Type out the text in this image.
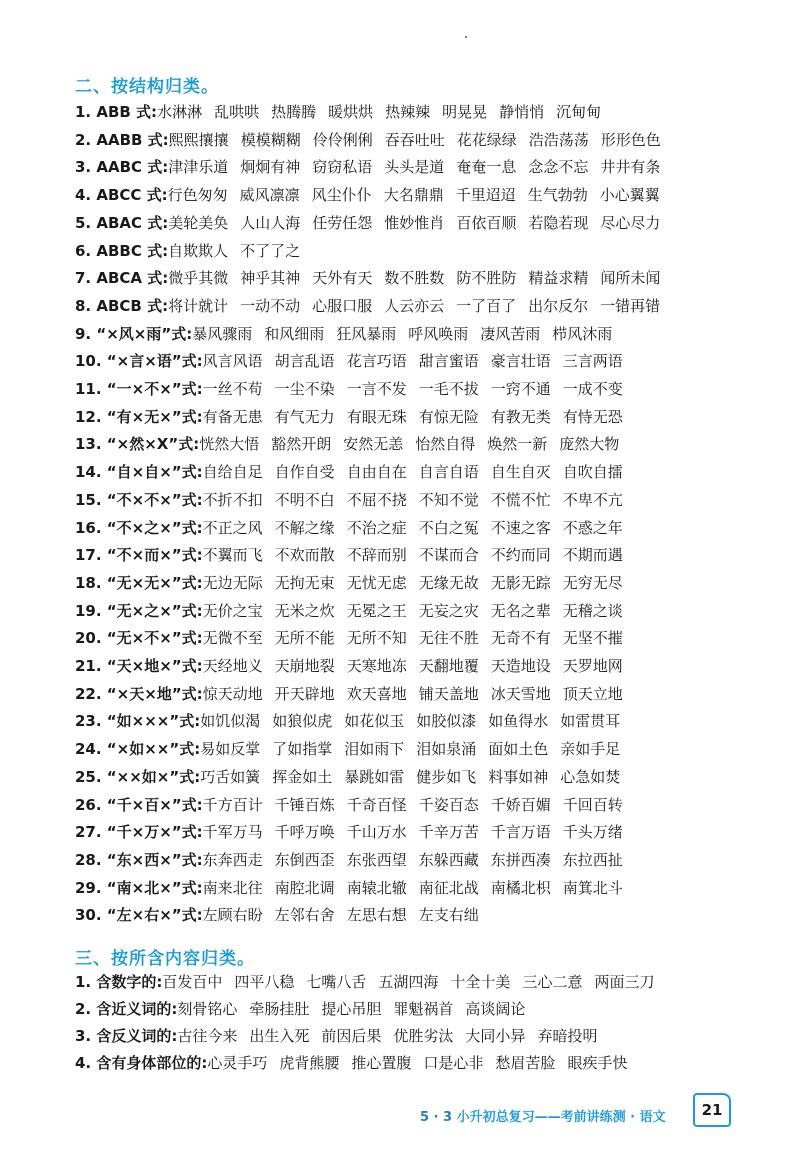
二、按结构归类。
1. ABB 式:水淋淋 乱哄哄 热腾腾 暖烘烘 热辣辣 明晃晃 静悄悄 沉甸甸
2. AABB 式:熙熙攘攘 模模糊糊 伶伶俐俐 吞吞吐吐 花花绿绿 浩浩荡荡 形形色色
3. AABC 式:津津乐道 炯炯有神 窃窃私语 头头是道 奄奄一息 念念不忘 井井有条
4. ABCC 式:行色匆匆 威风凛凛 风尘仆仆 大名鼎鼎 千里迢迢 生气勃勃 小心翼翼
5. ABAC 式:美轮美奂 人山人海 任劳任怨 惟妙惟肖 百依百顺 若隐若现 尽心尽力
6. ABBC 式:自欺欺人 不了了之
7. ABCA 式:微乎其微 神乎其神 天外有天 数不胜数 防不胜防 精益求精 闻所未闻
8. ABCB 式:将计就计 一动不动 心服口服 人云亦云 一了百了 出尔反尔 一错再错
9. “×风×雨”式:暴风骤雨 和风细雨 狂风暴雨 呼风唤雨 凄风苦雨 栉风沐雨
10. “×言×语”式:风言风语 胡言乱语 花言巧语 甜言蜜语 豪言壮语 三言两语
11. “一×不×”式:一丝不苟 一尘不染 一言不发 一毛不拔 一窍不通 一成不变
12. “有×无×”式:有备无患 有气无力 有眼无珠 有惊无险 有教无类 有恃无恐
13. “×然×Ⅹ”式:恍然大悟 豁然开朗 安然无恙 怡然自得 焕然一新 庞然大物
14. “自×自×”式:自给自足 自作自受 自由自在 自言自语 自生自灭 自吹自擂
15. “不×不×”式:不折不扣 不明不白 不屈不挠 不知不觉 不慌不忙 不卑不亢
16. “不×之×”式:不正之风 不解之缘 不治之症 不白之冤 不速之客 不惑之年
17. “不×而×”式:不翼而飞 不欢而散 不辞而别 不谋而合 不约而同 不期而遇
18. “无×无×”式:无边无际 无拘无束 无忧无虑 无缘无故 无影无踪 无穷无尽
19. “无×之×”式:无价之宝 无米之炊 无冕之王 无妄之灾 无名之辈 无稽之谈
20. “无×不×”式:无微不至 无所不能 无所不知 无往不胜 无奇不有 无坚不摧
21. “天×地×”式:天经地义 天崩地裂 天寒地冻 天翻地覆 天造地设 天罗地网
22. “×天×地”式:惊天动地 开天辟地 欢天喜地 铺天盖地 冰天雪地 顶天立地
23. “如×××”式:如饥似渴 如狼似虎 如花似玉 如胶似漆 如鱼得水 如雷贯耳
24. “×如××”式:易如反掌 了如指掌 泪如雨下 泪如泉涌 面如土色 亲如手足
25. “××如×”式:巧舌如簧 挥金如土 暴跳如雷 健步如飞 料事如神 心急如焚
26. “千×百×”式:千方百计 千锤百炼 千奇百怪 千姿百态 千娇百媚 千回百转
27. “千×万×”式:千军万马 千呼万唤 千山万水 千辛万苦 千言万语 千头万绪
28. “东×西×”式:东奔西走 东倒西歪 东张西望 东躲西藏 东拼西凑 东拉西扯
29. “南×北×”式:南来北往 南腔北调 南辕北辙 南征北战 南橘北枳 南箕北斗
30. “左×右×”式:左顾右盼 左邻右舍 左思右想 左支右绌
三、按所含内容归类。
1. 含数字的:百发百中 四平八稳 七嘴八舌 五湖四海 十全十美 三心二意 两面三刀
2. 含近义词的:刻骨铭心 牵肠挂肚 提心吊胆 罪魁祸首 高谈阔论
3. 含反义词的:古往今来 出生入死 前因后果 优胜劣汰 大同小异 弃暗投明
4. 含有身体部位的:心灵手巧 虎背熊腰 推心置腹 口是心非 愁眉苦脸 眼疾手快
5 · 3 小升初总复习——考前讲练测 · 语文	21
